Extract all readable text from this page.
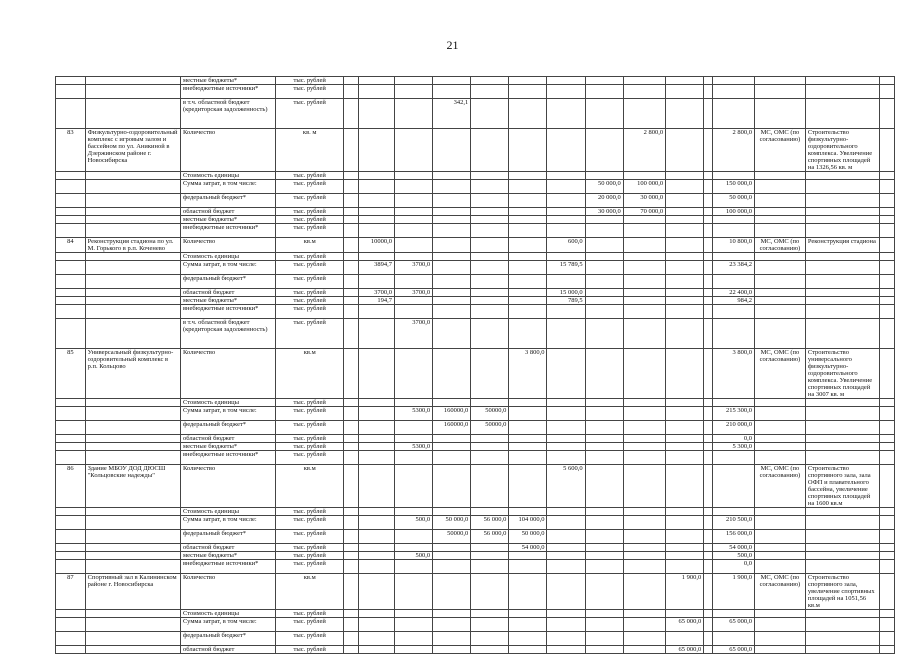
21
		местные бюджеты*	тыс. рублей															
		внебюджетные источники*	тыс. рублей															
		в т.ч. областной бюджет (кредиторская задолженность)	тыс. рублей				342,1											
83	Физкультурно-оздоровительный комплекс с игровым залом и бассейном по ул. Аникиной в Дзержинском районе г. Новосибирска	Количество	кв. м									2 800,0			2 800,0	МС, ОМС (по согласованию)	Строительство физкультурно-оздоровительного комплекса. Увеличение спортивных площадей на 1326,56 кв. м	
		Стоимость единицы	тыс. рублей															
		Сумма затрат, в том числе:	тыс. рублей								50 000,0	100 000,0			150 000,0			
		федеральный бюджет*	тыс. рублей								20 000,0	30 000,0			50 000,0			
		областной бюджет	тыс. рублей								30 000,0	70 000,0			100 000,0			
		местные бюджеты*	тыс. рублей															
		внебюджетные источники*	тыс. рублей															
84	Реконструкция стадиона по ул. М. Горького в р.п. Коченево	Количество	кв.м		10000,0					600,0					10 800,0	МС, ОМС (по согласованию)	Реконструкция стадиона	
		Стоимость единицы	тыс. рублей															
		Сумма затрат, в том числе:	тыс. рублей		3894,7	3700,0				15 789,5					23 384,2			
		федеральный бюджет*	тыс. рублей															
		областной бюджет	тыс. рублей		3700,0	3700,0				15 000,0					22 400,0			
		местные бюджеты*	тыс. рублей		194,7					789,5					984,2			
		внебюджетные источники*	тыс. рублей															
		в т.ч. областной бюджет (кредиторская задолженность)	тыс. рублей			3700,0												
85	Универсальный физкультурно-оздоровительный комплекс в р.п. Кольцово	Количество	кв.м						3 800,0						3 800,0	МС, ОМС (по согласованию)	Строительство универсального физкультурно-оздоровительного комплекса. Увеличение спортивных площадей на 3007 кв. м	
		Стоимость единицы	тыс. рублей															
		Сумма затрат, в том числе:	тыс. рублей			5300,0	160000,0	50000,0							215 300,0			
		федеральный бюджет*	тыс. рублей				160000,0	50000,0							210 000,0			
		областной бюджет	тыс. рублей												0,0			
		местные бюджеты*	тыс. рублей			5300,0									5 300,0			
		внебюджетные источники*	тыс. рублей															
86	Здание МБОУ ДОД ДЮСШ "Кольцовские надежды"	Количество	кв.м							5 600,0						МС, ОМС (по согласованию)	Строительство спортивного зала, зала ОФП и плавательного бассейна, увеличение спортивных площадей на 1600 кв.м	
		Стоимость единицы	тыс. рублей															
		Сумма затрат, в том числе:	тыс. рублей			500,0	50 000,0	56 000,0	104 000,0						210 500,0			
		федеральный бюджет*	тыс. рублей				50000,0	56 000,0	50 000,0						156 000,0			
		областной бюджет	тыс. рублей						54 000,0						54 000,0			
		местные бюджеты*	тыс. рублей			500,0									500,0			
		внебюджетные источники*	тыс. рублей												0,0			
87	Спортивный зал в Калининском районе г. Новосибирска	Количество	кв.м										1 900,0		1 900,0	МС, ОМС (по согласованию)	Строительство спортивного зала, увеличение спортивных площадей на 1051,56 кв.м	
		Стоимость единицы	тыс. рублей															
		Сумма затрат, в том числе:	тыс. рублей										65 000,0		65 000,0			
		федеральный бюджет*	тыс. рублей															
		областной бюджет	тыс. рублей										65 000,0		65 000,0			
